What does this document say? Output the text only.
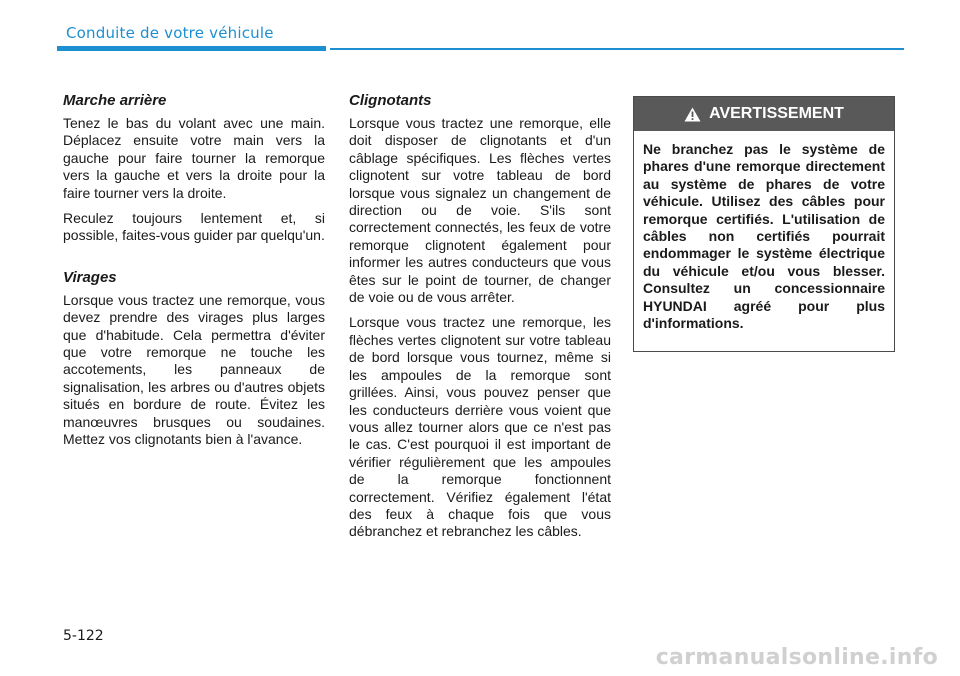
Conduite de votre véhicule
Marche arrière

Tenez le bas du volant avec une main. Déplacez ensuite votre main vers la gauche pour faire tourner la remorque vers la gauche et vers la droite pour la faire tourner vers la droite.

Reculez toujours lentement et, si possible, faites-vous guider par quelqu'un.

Virages

Lorsque vous tractez une remorque, vous devez prendre des virages plus larges que d'habitude. Cela permettra d'éviter que votre remorque ne touche les accotements, les panneaux de signalisation, les arbres ou d'autres objets situés en bordure de route. Évitez les manœuvres brusques ou soudaines. Mettez vos clignotants bien à l'avance.

Clignotants

Lorsque vous tractez une remorque, elle doit disposer de clignotants et d'un câblage spécifiques. Les flèches vertes clignotent sur votre tableau de bord lorsque vous signalez un changement de direction ou de voie. S'ils sont correctement connectés, les feux de votre remorque clignotent également pour informer les autres conducteurs que vous êtes sur le point de tourner, de changer de voie ou de vous arrêter.

Lorsque vous tractez une remorque, les flèches vertes clignotent sur votre tableau de bord lorsque vous tournez, même si les ampoules de la remorque sont grillées. Ainsi, vous pouvez penser que les conducteurs derrière vous voient que vous allez tourner alors que ce n'est pas le cas. C'est pourquoi il est important de vérifier régulièrement que les ampoules de la remorque fonctionnent correctement. Vérifiez également l'état des feux à chaque fois que vous débranchez et rebranchez les câbles.

AVERTISSEMENT
Ne branchez pas le système de phares d'une remorque directement au système de phares de votre véhicule. Utilisez des câbles pour remorque certifiés. L'utilisation de câbles non certifiés pourrait endommager le système électrique du véhicule et/ou vous blesser. Consultez un concessionnaire HYUNDAI agréé pour plus d'informations.
5-122
carmanualsonline.info
